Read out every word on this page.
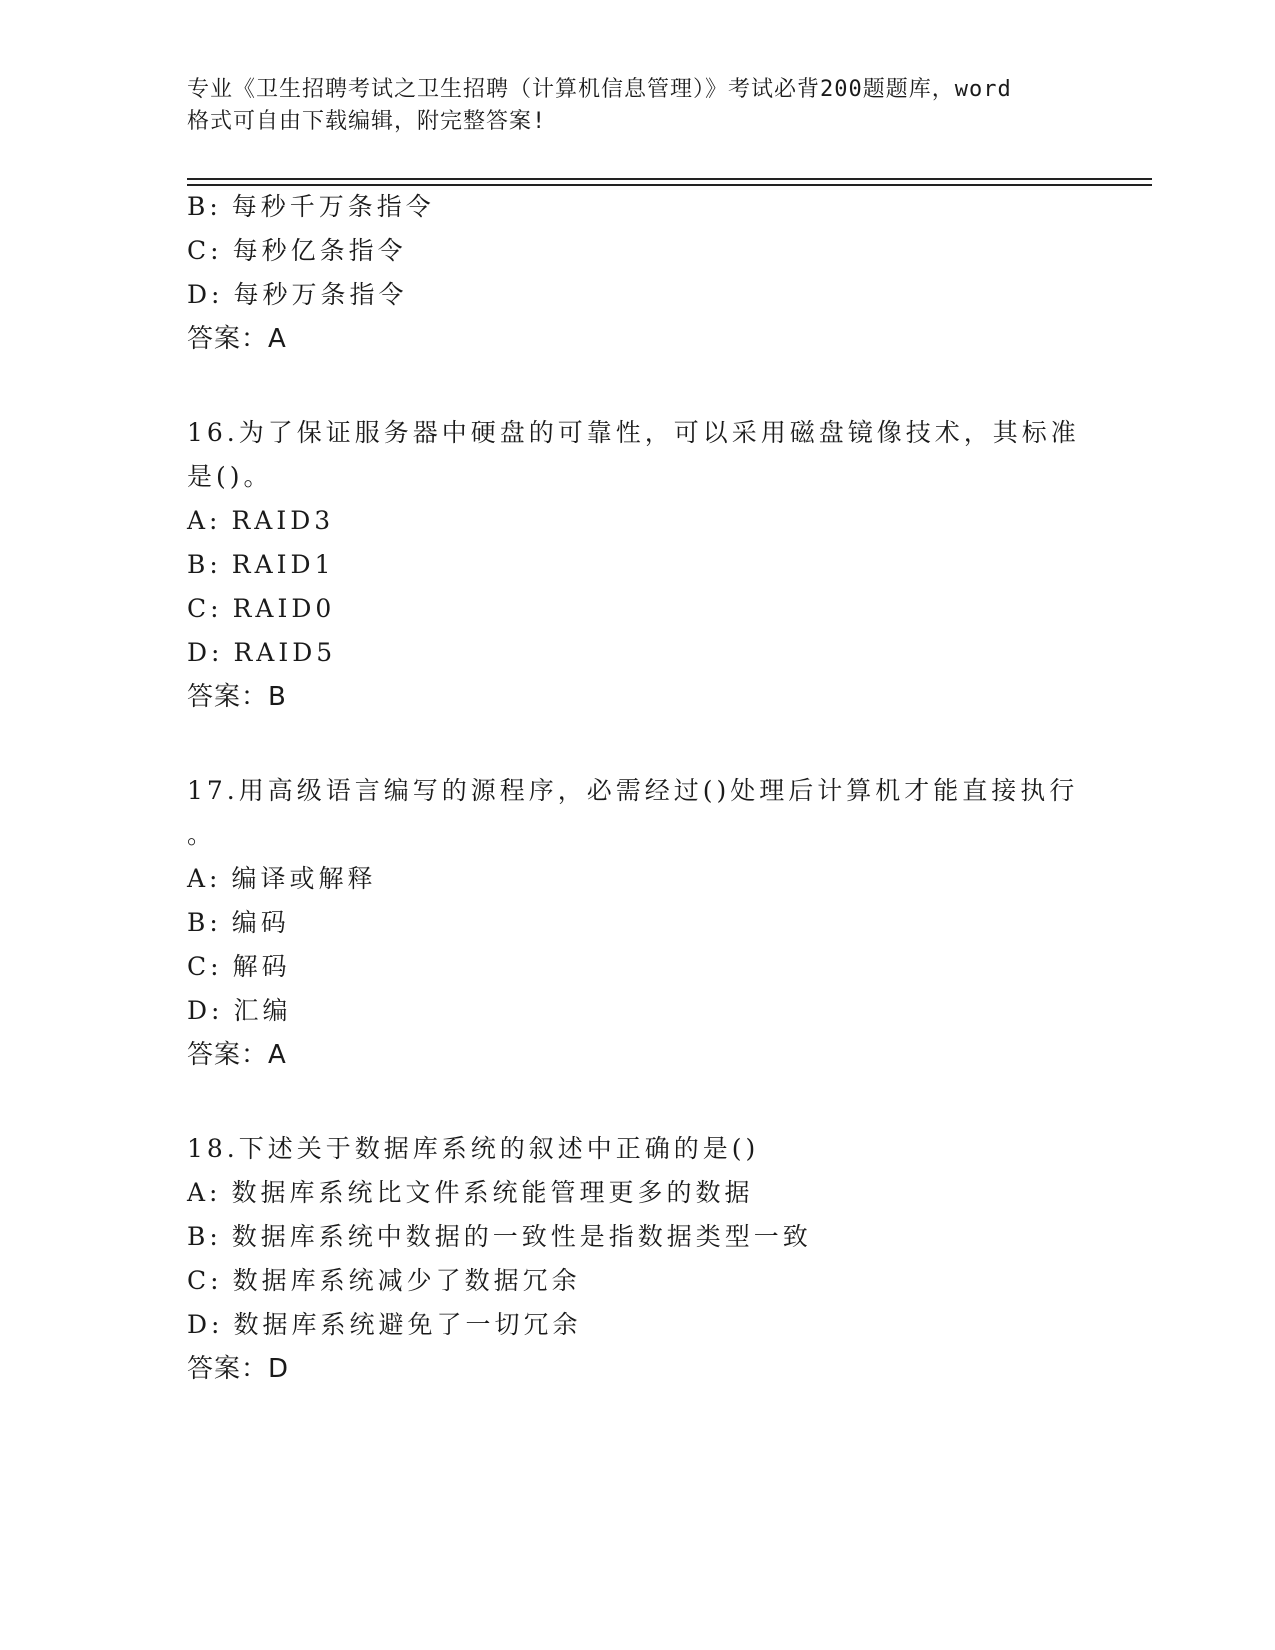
专业《卫生招聘考试之卫生招聘（计算机信息管理）》考试必背200题题库，word
格式可自由下载编辑，附完整答案!
B: 每秒千万条指令
C: 每秒亿条指令
D: 每秒万条指令
答案：A
16.为了保证服务器中硬盘的可靠性，可以采用磁盘镜像技术，其标准
是()。
A: RAID3
B: RAID1
C: RAID0
D: RAID5
答案：B
17.用高级语言编写的源程序，必需经过()处理后计算机才能直接执行
。
A: 编译或解释
B: 编码
C: 解码
D: 汇编
答案：A
18.下述关于数据库系统的叙述中正确的是()
A: 数据库系统比文件系统能管理更多的数据
B: 数据库系统中数据的一致性是指数据类型一致
C: 数据库系统减少了数据冗余
D: 数据库系统避免了一切冗余
答案：D
